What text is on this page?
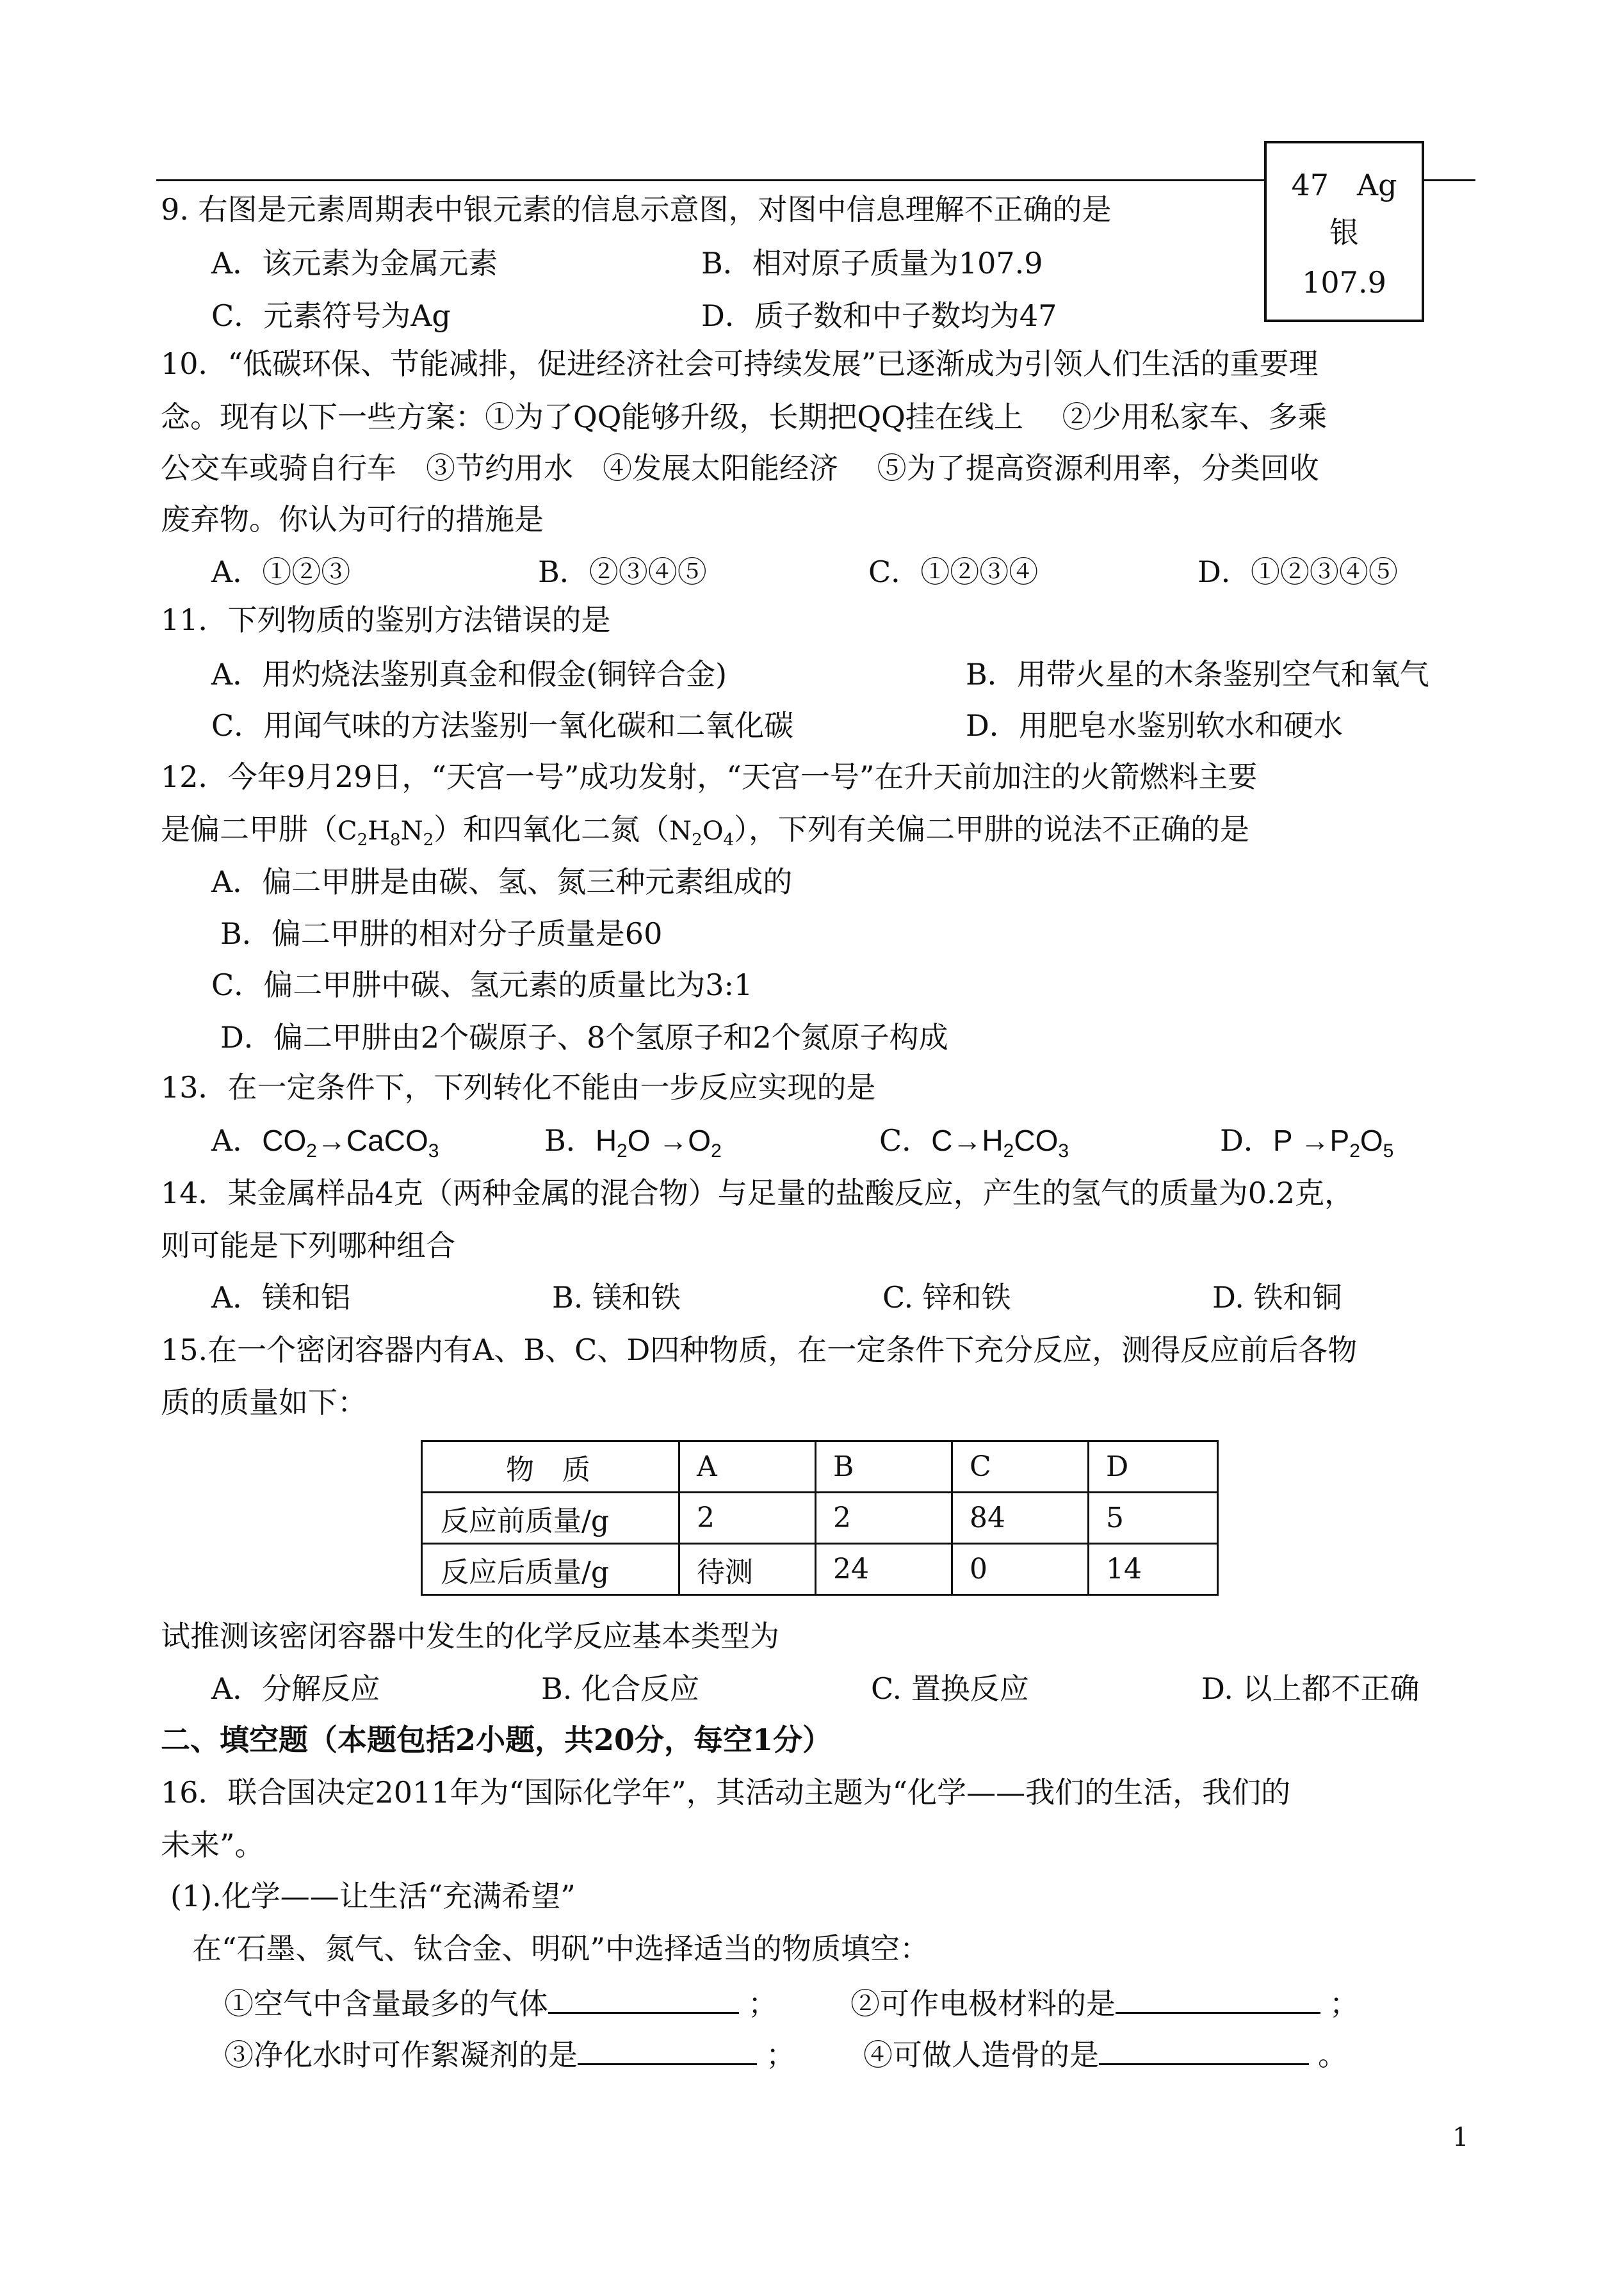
47 Ag
银
107.9
9. 右图是元素周期表中银元素的信息示意图，对图中信息理解不正确的是
A．该元素为金属元素	B．相对原子质量为107.9
C．元素符号为Ag	D．质子数和中子数均为47
10．“低碳环保、节能减排，促进经济社会可持续发展”已逐渐成为引领人们生活的重要理
念。现有以下一些方案：①为了QQ能够升级，长期把QQ挂在线上　 ②少用私家车、多乘
公交车或骑自行车　③节约用水　④发展太阳能经济　 ⑤为了提高资源利用率，分类回收
废弃物。你认为可行的措施是
A．①②③	B．②③④⑤	C．①②③④	D．①②③④⑤
11．下列物质的鉴别方法错误的是
A．用灼烧法鉴别真金和假金(铜锌合金)	B．用带火星的木条鉴别空气和氧气
C．用闻气味的方法鉴别一氧化碳和二氧化碳	D．用肥皂水鉴别软水和硬水
12．今年9月29日，“天宫一号”成功发射，“天宫一号”在升天前加注的火箭燃料主要
是偏二甲肼$(C_2H_8N_2)$和四氧化二氮$(N_2O_4)$，下列有关偏二甲肼的说法不正确的是
A．偏二甲肼是由碳、氢、氮三种元素组成的
B．偏二甲肼的相对分子质量是60
C．偏二甲肼中碳、氢元素的质量比为3:1
D．偏二甲肼由2个碳原子、8个氢原子和2个氮原子构成
13．在一定条件下，下列转化不能由一步反应实现的是
A．$CO_2\to CaCO_3$	B．$H_2O \to O_2$	C．$C\to H_2CO_3$	D．$P \to P_2O_5$
14．某金属样品4克（两种金属的混合物）与足量的盐酸反应，产生的氢气的质量为0.2克，
则可能是下列哪种组合
A．镁和铝	B. 镁和铁	C. 锌和铁	D. 铁和铜
15.在一个密闭容器内有A、B、C、D四种物质，在一定条件下充分反应，测得反应前后各物
质的质量如下：
物　质	A	B	C	D
反应前质量/g	2	2	84	5
反应后质量/g	待测	24	0	14
试推测该密闭容器中发生的化学反应基本类型为
A．分解反应	B. 化合反应	C. 置换反应	D. 以上都不正确
二、填空题（本题包括2小题，共20分，每空1分）
16．联合国决定2011年为“国际化学年”，其活动主题为“化学——我们的生活，我们的
未来”。
(1).化学——让生活“充满希望”
在“石墨、氮气、钛合金、明矾”中选择适当的物质填空：
①空气中含量最多的气体	； ②可作电极材料的是	；
③净化水时可作絮凝剂的是	； ④可做人造骨的是	。
1
